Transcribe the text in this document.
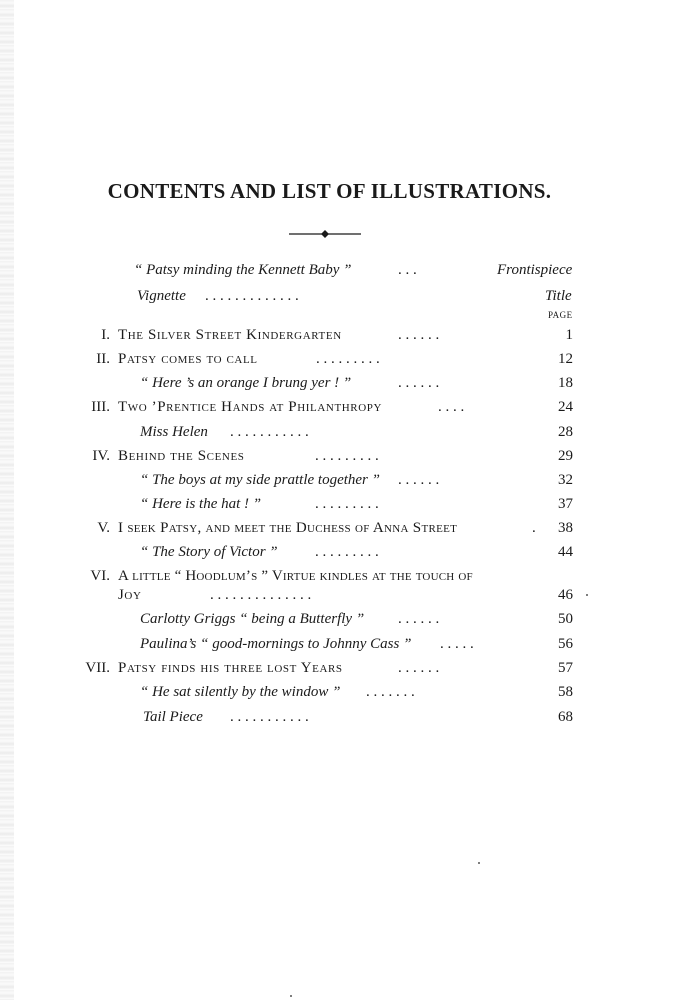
CONTENTS AND LIST OF ILLUSTRATIONS.
“ Patsy minding the Kennett Baby ”	. . .	Frontispiece
Vignette . . . . . . . . . . . . .	Title
PAGE
I. The Silver Street Kindergarten	. . . . . .	1
II. Patsy comes to call	. . . . . . . . .	12
“ Here ’s an orange I brung yer ! ”	. . . . . .	18
III. Two ’Prentice Hands at Philanthropy	. . . .	24
Miss Helen . . . . . . . . . . .	28
IV. Behind the Scenes	. . . . . . . . .	29
“ The boys at my side prattle together ” . . . . . .	32
“ Here is the hat ! ”	. . . . . . . . .	37
V. I seek Patsy, and meet the Duchess of Anna Street	.	38
“ The Story of Victor ” . . . . . . . . .	44
VI. A little “ Hoodlum’s ” Virtue kindles at the touch of
Joy	. . . . . . . . . . . . . .	46
Carlotty Griggs “ being a Butterfly ” . . . . . .	50
Paulina’s “ good-mornings to Johnny Cass ” . . . . .	56
VII. Patsy finds his three lost Years	. . . . . .	57
“ He sat silently by the window ” . . . . . . .	58
Tail Piece . . . . . . . . . . .	68
